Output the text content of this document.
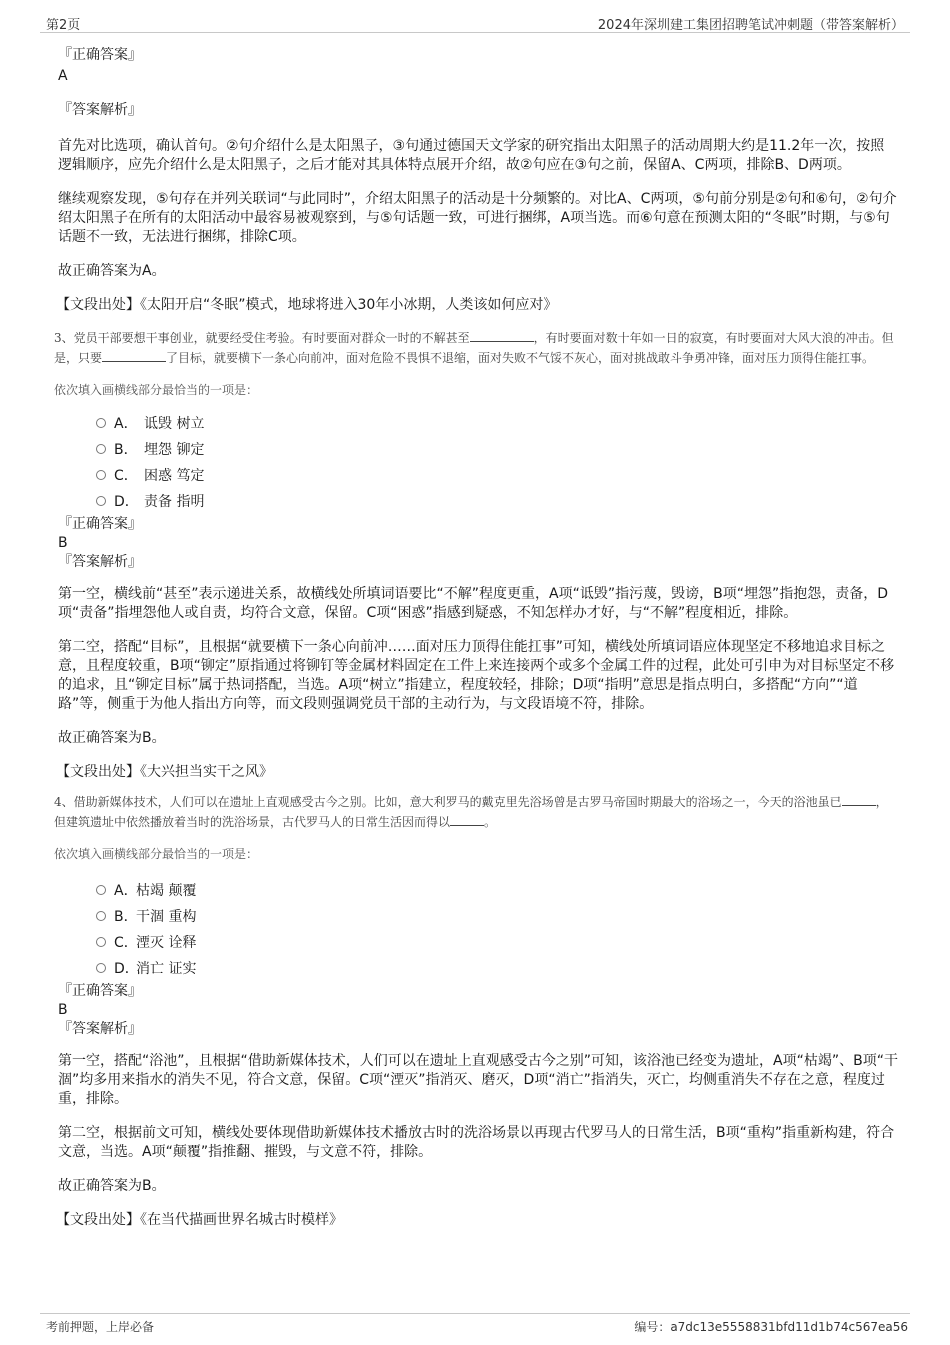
第2页	2024年深圳建工集团招聘笔试冲刺题（带答案解析）

『正确答案』

A

『答案解析』

首先对比选项，确认首句。②句介绍什么是太阳黑子，③句通过德国天文学家的研究指出太阳黑子的活动周期大约是11.2年一次，按照逻辑顺序，应先介绍什么是太阳黑子，之后才能对其具体特点展开介绍，故②句应在③句之前，保留A、C两项，排除B、D两项。

继续观察发现，⑤句存在并列关联词“与此同时”，介绍太阳黑子的活动是十分频繁的。对比A、C两项，⑤句前分别是②句和⑥句，②句介绍太阳黑子在所有的太阳活动中最容易被观察到，与⑤句话题一致，可进行捆绑，A项当选。而⑥句意在预测太阳的“冬眠”时期，与⑤句话题不一致，无法进行捆绑，排除C项。

故正确答案为A。

【文段出处】《太阳开启“冬眠”模式，地球将进入30年小冰期，人类该如何应对》

3、党员干部要想干事创业，就要经受住考验。有时要面对群众一时的不解甚至	，有时要面对数十年如一日的寂寞，有时要面对大风大浪的冲击。但是，只要	了目标，就要横下一条心向前冲，面对危险不畏惧不退缩，面对失败不气馁不灰心，面对挑战敢斗争勇冲锋，面对压力顶得住能扛事。

依次填入画横线部分最恰当的一项是：

A． 诋毁 树立
B． 埋怨 铆定
C． 困惑 笃定
D． 责备 指明

『正确答案』

B

『答案解析』

第一空，横线前“甚至”表示递进关系，故横线处所填词语要比“不解”程度更重，A项“诋毁”指污蔑，毁谤，B项“埋怨”指抱怨，责备，D项“责备”指埋怨他人或自责，均符合文意，保留。C项“困惑”指感到疑惑，不知怎样办才好，与“不解”程度相近，排除。

第二空，搭配“目标”，且根据“就要横下一条心向前冲……面对压力顶得住能扛事”可知，横线处所填词语应体现坚定不移地追求目标之意，且程度较重，B项“铆定”原指通过将铆钉等金属材料固定在工件上来连接两个或多个金属工件的过程，此处可引申为对目标坚定不移的追求，且“铆定目标”属于热词搭配，当选。A项“树立”指建立，程度较轻，排除；D项“指明”意思是指点明白，多搭配“方向”“道路”等，侧重于为他人指出方向等，而文段则强调党员干部的主动行为，与文段语境不符，排除。

故正确答案为B。

【文段出处】《大兴担当实干之风》

4、借助新媒体技术，人们可以在遗址上直观感受古今之别。比如，意大利罗马的戴克里先浴场曾是古罗马帝国时期最大的浴场之一，今天的浴池虽已	，但建筑遗址中依然播放着当时的洗浴场景，古代罗马人的日常生活因而得以	。

依次填入画横线部分最恰当的一项是：

A．枯竭 颠覆
B．干涸 重构
C．湮灭 诠释
D．消亡 证实

『正确答案』

B

『答案解析』

第一空，搭配“浴池”，且根据“借助新媒体技术，人们可以在遗址上直观感受古今之别”可知，该浴池已经变为遗址，A项“枯竭”、B项“干涸”均多用来指水的消失不见，符合文意，保留。C项“湮灭”指消灭、磨灭，D项“消亡”指消失，灭亡，均侧重消失不存在之意，程度过重，排除。

第二空，根据前文可知，横线处要体现借助新媒体技术播放古时的洗浴场景以再现古代罗马人的日常生活，B项“重构”指重新构建，符合文意，当选。A项“颠覆”指推翻、摧毁，与文意不符，排除。

故正确答案为B。

【文段出处】《在当代描画世界名城古时模样》

考前押题，上岸必备	编号：a7dc13e5558831bfd11d1b74c567ea56
